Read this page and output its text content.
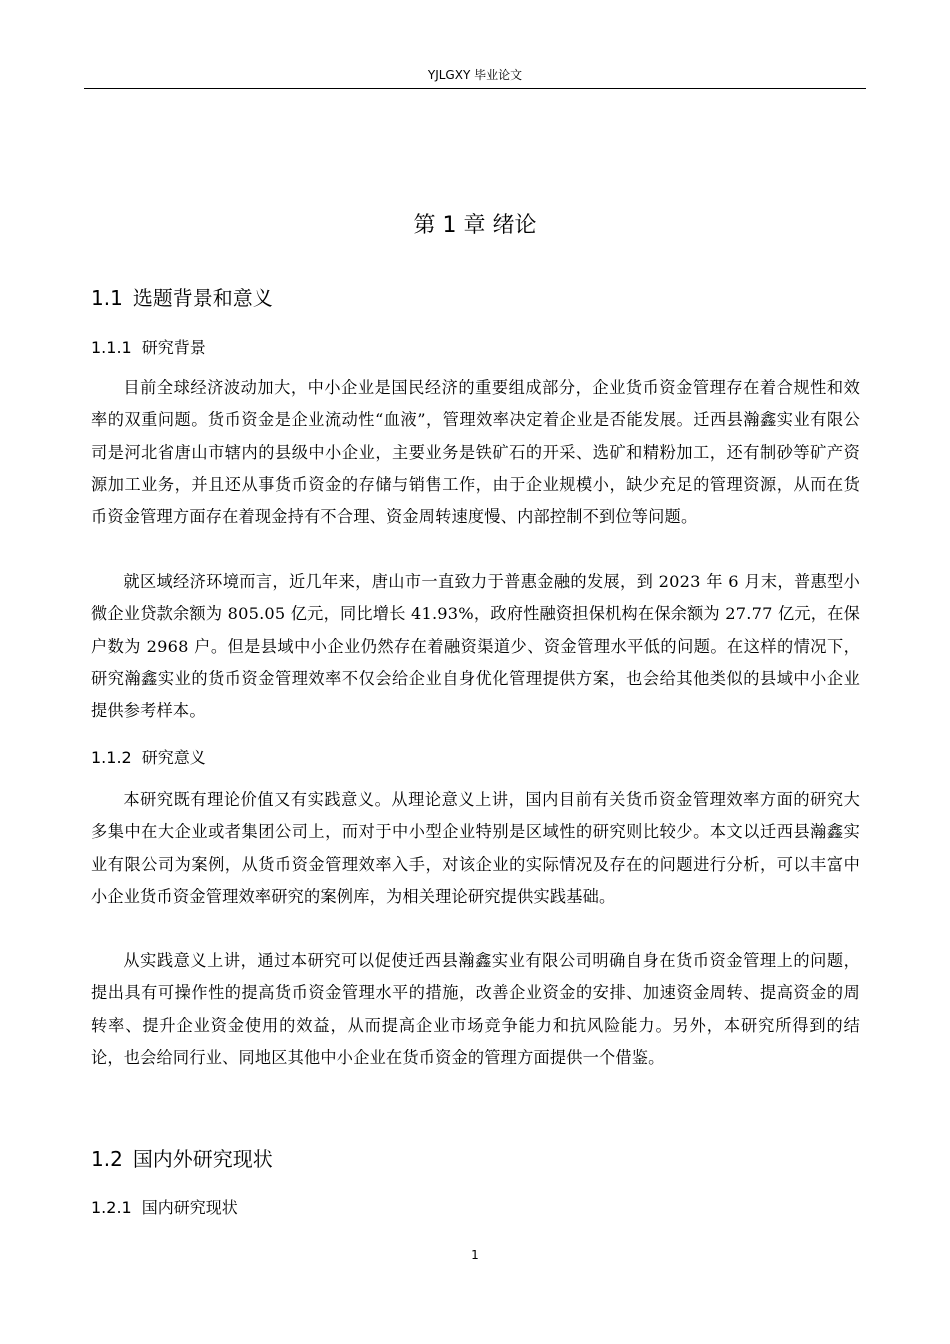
YJLGXY 毕业论文
第 1 章 绪论
1.1 选题背景和意义
1.1.1 研究背景

目前全球经济波动加大，中小企业是国民经济的重要组成部分，企业货币资金管理存在着合规性和效率的双重问题。货币资金是企业流动性“血液”，管理效率决定着企业是否能发展。迁西县瀚鑫实业有限公司是河北省唐山市辖内的县级中小企业，主要业务是铁矿石的开采、选矿和精粉加工，还有制砂等矿产资源加工业务，并且还从事货币资金的存储与销售工作，由于企业规模小，缺少充足的管理资源，从而在货币资金管理方面存在着现金持有不合理、资金周转速度慢、内部控制不到位等问题。

就区域经济环境而言，近几年来，唐山市一直致力于普惠金融的发展，到 2023 年 6 月末，普惠型小微企业贷款余额为 805.05 亿元，同比增长 41.93%，政府性融资担保机构在保余额为 27.77 亿元，在保户数为 2968 户。但是县域中小企业仍然存在着融资渠道少、资金管理水平低的问题。在这样的情况下，研究瀚鑫实业的货币资金管理效率不仅会给企业自身优化管理提供方案，也会给其他类似的县域中小企业提供参考样本。

1.1.2 研究意义

本研究既有理论价值又有实践意义。从理论意义上讲，国内目前有关货币资金管理效率方面的研究大多集中在大企业或者集团公司上，而对于中小型企业特别是区域性的研究则比较少。本文以迁西县瀚鑫实业有限公司为案例，从货币资金管理效率入手，对该企业的实际情况及存在的问题进行分析，可以丰富中小企业货币资金管理效率研究的案例库，为相关理论研究提供实践基础。

从实践意义上讲，通过本研究可以促使迁西县瀚鑫实业有限公司明确自身在货币资金管理上的问题，提出具有可操作性的提高货币资金管理水平的措施，改善企业资金的安排、加速资金周转、提高资金的周转率、提升企业资金使用的效益，从而提高企业市场竞争能力和抗风险能力。另外，本研究所得到的结论，也会给同行业、同地区其他中小企业在货币资金的管理方面提供一个借鉴。

1.2 国内外研究现状
1.2.1 国内研究现状
1
